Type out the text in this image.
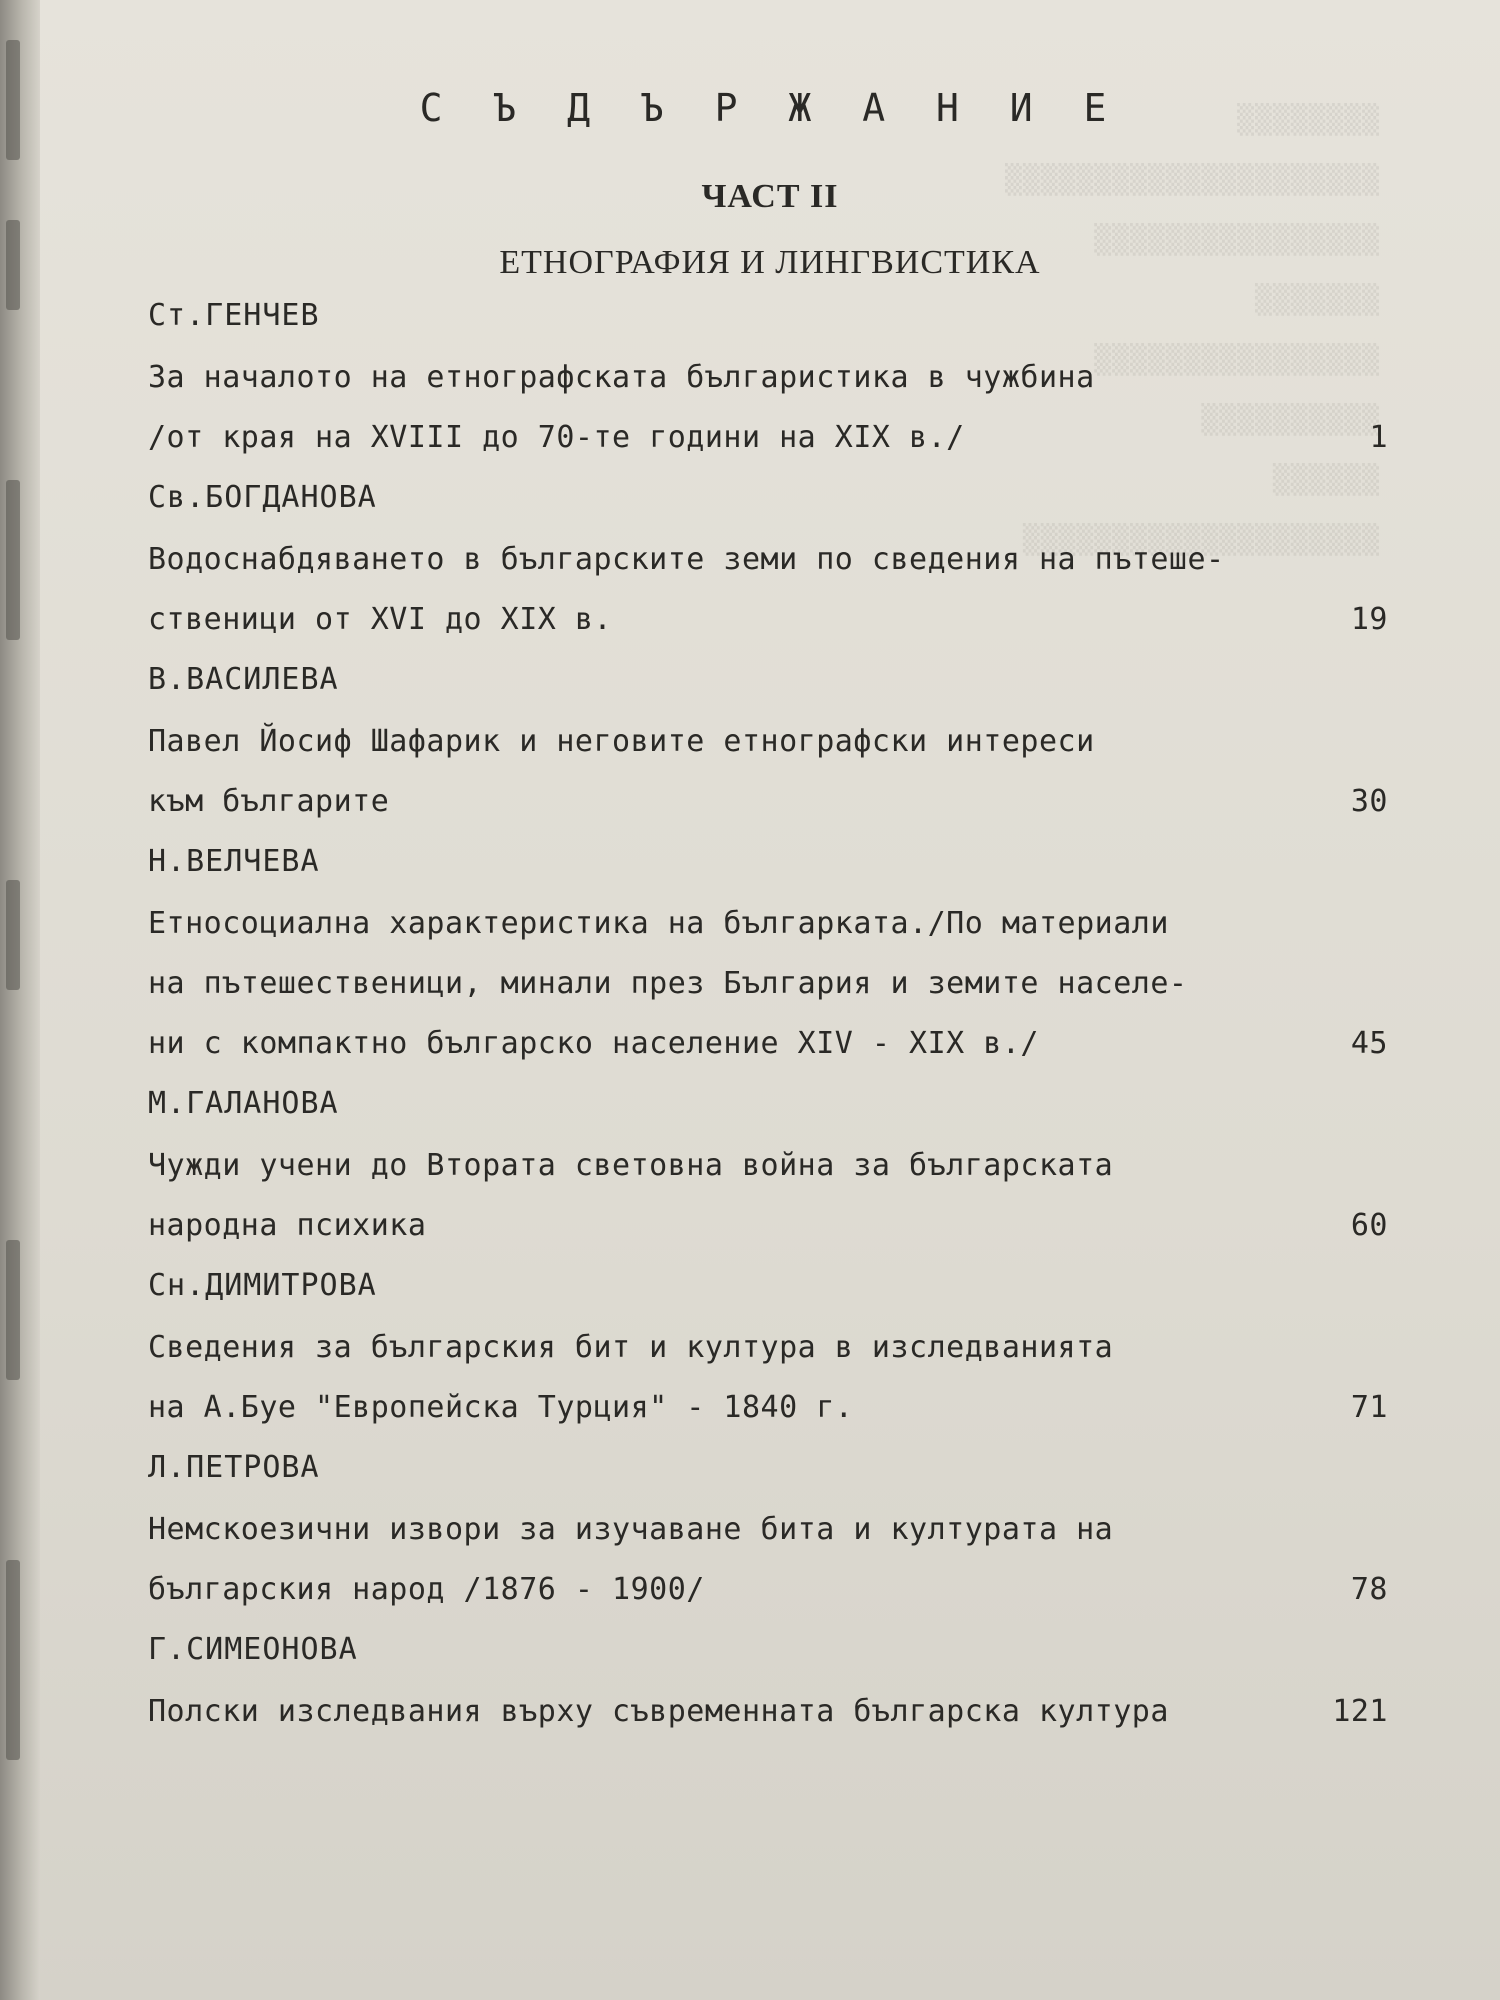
▒▒▒▒▒▒▒▒
▒▒▒▒▒▒▒▒▒▒▒▒▒▒▒▒▒▒▒▒▒
▒▒▒▒▒▒▒▒▒▒▒▒▒▒▒▒
▒▒▒▒▒▒▒
▒▒▒▒▒▒▒▒▒▒▒▒▒▒▒▒
▒▒▒▒▒▒▒▒▒▒
▒▒▒▒▒▒
▒▒▒▒▒▒▒▒▒▒▒▒▒▒▒▒▒▒▒▒
С Ъ Д Ъ Р Ж А Н И Е
ЧАСТ II
ЕТНОГРАФИЯ И ЛИНГВИСТИКА
Ст.ГЕНЧЕВ
За началото на етнографската българистика в чужбина
/от края на XVIII до 70-те години на XIX в./	1
Св.БОГДАНОВА
Водоснабдяването в българските земи по сведения на пътеше-
ственици от XVI до XIX в.	19
В.ВАСИЛЕВА
Павел Йосиф Шафарик и неговите етнографски интереси
към българите	30
Н.ВЕЛЧЕВА
Етносоциална характеристика на българката./По материали
на пътешественици, минали през България и земите населе-
ни с компактно българско население XIV - XIX в./	45
М.ГАЛАНОВА
Чужди учени до Втората световна война за българската
народна психика	60
Сн.ДИМИТРОВА
Сведения за българския бит и култура в изследванията
на А.Буе "Европейска Турция" - 1840 г.	71
Л.ПЕТРОВА
Немскоезични извори за изучаване бита и културата на
българския народ /1876 - 1900/	78
Г.СИМЕОНОВА
Полски изследвания върху съвременната българска култура	121
